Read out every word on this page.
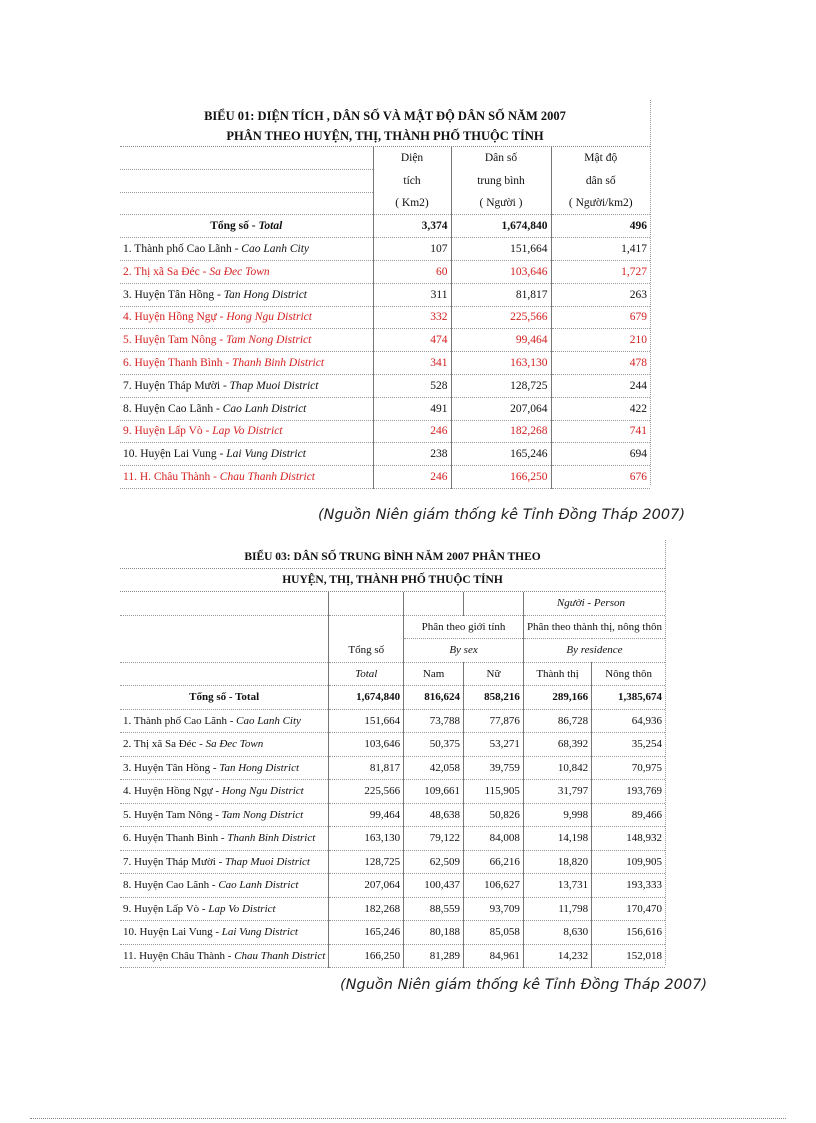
BIỂU 01: DIỆN TÍCH , DÂN SỐ VÀ MẬT ĐỘ DÂN SỐ NĂM 2007
PHÂN THEO HUYỆN, THỊ, THÀNH PHỐ THUỘC TỈNH
	Diện	Dân số	Mật độ
	tích	trung bình	dân số
	( Km2)	( Người )	( Người/km2)
Tổng số - Total	3,374	1,674,840	496
1. Thành phố Cao Lãnh - Cao Lanh City	107	151,664	1,417
2. Thị xã Sa Đéc - Sa Đec Town	60	103,646	1,727
3. Huyện Tân Hồng - Tan Hong District	311	81,817	263
4. Huyện Hồng Ngự - Hong Ngu District	332	225,566	679
5. Huyện Tam Nông - Tam Nong District	474	99,464	210
6. Huyện Thanh Bình - Thanh Binh District	341	163,130	478
7. Huyện Tháp Mười - Thap Muoi District	528	128,725	244
8. Huyện Cao Lãnh - Cao Lanh District	491	207,064	422
9. Huyện Lấp Vò - Lap Vo District	246	182,268	741
10. Huyện Lai Vung - Lai Vung District	238	165,246	694
11. H. Châu Thành - Chau Thanh District	246	166,250	676
(Nguồn Niên giám thống kê Tỉnh Đồng Tháp 2007)
BIỂU 03: DÂN SỐ TRUNG BÌNH NĂM 2007 PHÂN THEO
HUYỆN, THỊ, THÀNH PHỐ THUỘC TỈNH
				Người - Person	
		Phân theo giới tính		Phân theo thành thị, nông thôn	
	Tổng số	By sex		By residence	
	Total	Nam	Nữ	Thành thị	Nông thôn
Tổng số - Total	1,674,840	816,624	858,216	289,166	1,385,674
1. Thành phố Cao Lãnh - Cao Lanh City	151,664	73,788	77,876	86,728	64,936
2. Thị xã Sa Đéc - Sa Đec Town	103,646	50,375	53,271	68,392	35,254
3. Huyện Tân Hồng - Tan Hong District	81,817	42,058	39,759	10,842	70,975
4. Huyện Hồng Ngự - Hong Ngu District	225,566	109,661	115,905	31,797	193,769
5. Huyện Tam Nông - Tam Nong District	99,464	48,638	50,826	9,998	89,466
6. Huyện Thanh Bình - Thanh Binh District	163,130	79,122	84,008	14,198	148,932
7. Huyện Tháp Mười - Thap Muoi District	128,725	62,509	66,216	18,820	109,905
8. Huyện Cao Lãnh - Cao Lanh District	207,064	100,437	106,627	13,731	193,333
9. Huyện Lấp Vò - Lap Vo District	182,268	88,559	93,709	11,798	170,470
10. Huyện Lai Vung - Lai Vung District	165,246	80,188	85,058	8,630	156,616
11. Huyện Châu Thành - Chau Thanh District	166,250	81,289	84,961	14,232	152,018
(Nguồn Niên giám thống kê Tỉnh Đồng Tháp 2007)
